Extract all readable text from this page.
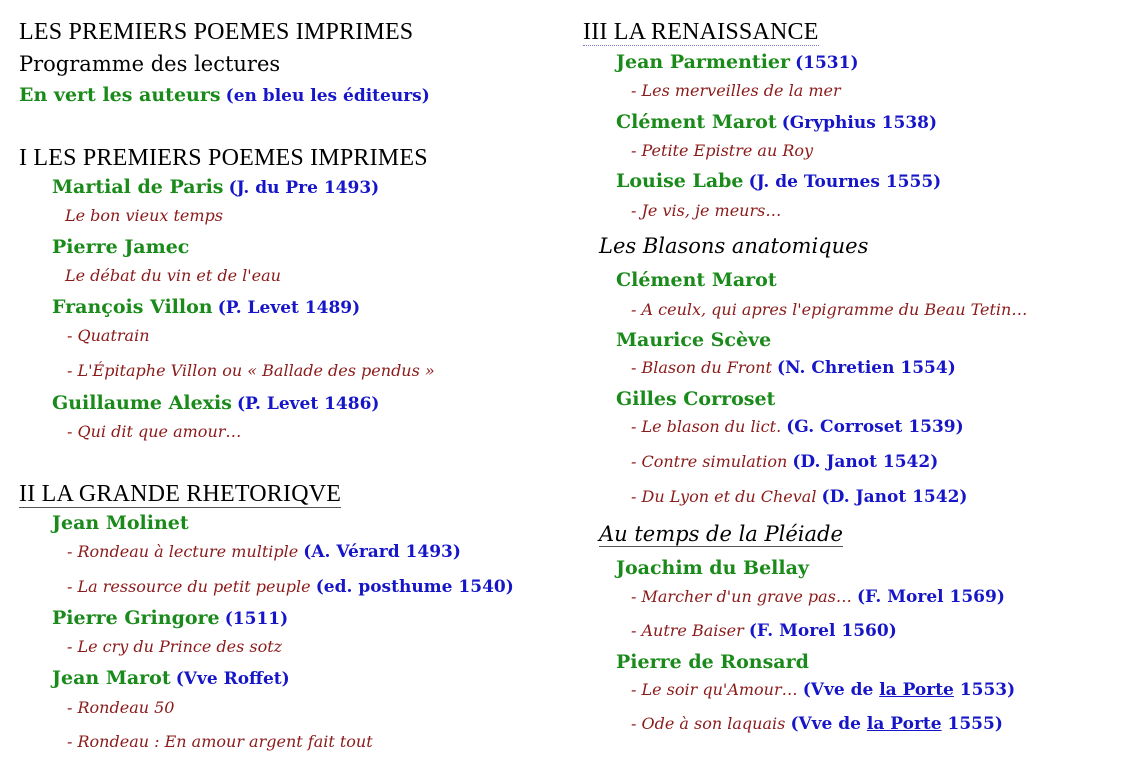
LES PREMIERS POEMES IMPRIMES
Programme des lectures
En vert les auteurs (en bleu les éditeurs)
I LES PREMIERS POEMES IMPRIMES
Martial de Paris (J. du Pre 1493)
Le bon vieux temps
Pierre Jamec
Le débat du vin et de l'eau
François Villon (P. Levet 1489)
- Quatrain
- L'Épitaphe Villon ou « Ballade des pendus »
Guillaume Alexis (P. Levet 1486)
- Qui dit que amour…
II LA GRANDE RHETORIQVE
Jean Molinet
- Rondeau à lecture multiple (A. Vérard 1493)
- La ressource du petit peuple (ed. posthume 1540)
Pierre Gringore (1511)
- Le cry du Prince des sotz
Jean Marot (Vve Roffet)
- Rondeau 50
- Rondeau : En amour argent fait tout
III LA RENAISSANCE
Jean Parmentier (1531)
- Les merveilles de la mer
Clément Marot (Gryphius 1538)
- Petite Epistre au Roy
Louise Labe (J. de Tournes 1555)
- Je vis, je meurs…
Les Blasons anatomiques
Clément Marot
- A ceulx, qui apres l'epigramme du Beau Tetin…
Maurice Scève
- Blason du Front (N. Chretien 1554)
Gilles Corroset
- Le blason du lict. (G. Corroset 1539)
- Contre simulation (D. Janot 1542)
- Du Lyon et du Cheval (D. Janot 1542)
Au temps de la Pléiade
Joachim du Bellay
- Marcher d'un grave pas… (F. Morel 1569)
- Autre Baiser (F. Morel 1560)
Pierre de Ronsard
- Le soir qu'Amour… (Vve de la Porte 1553)
- Ode à son laquais (Vve de la Porte 1555)
